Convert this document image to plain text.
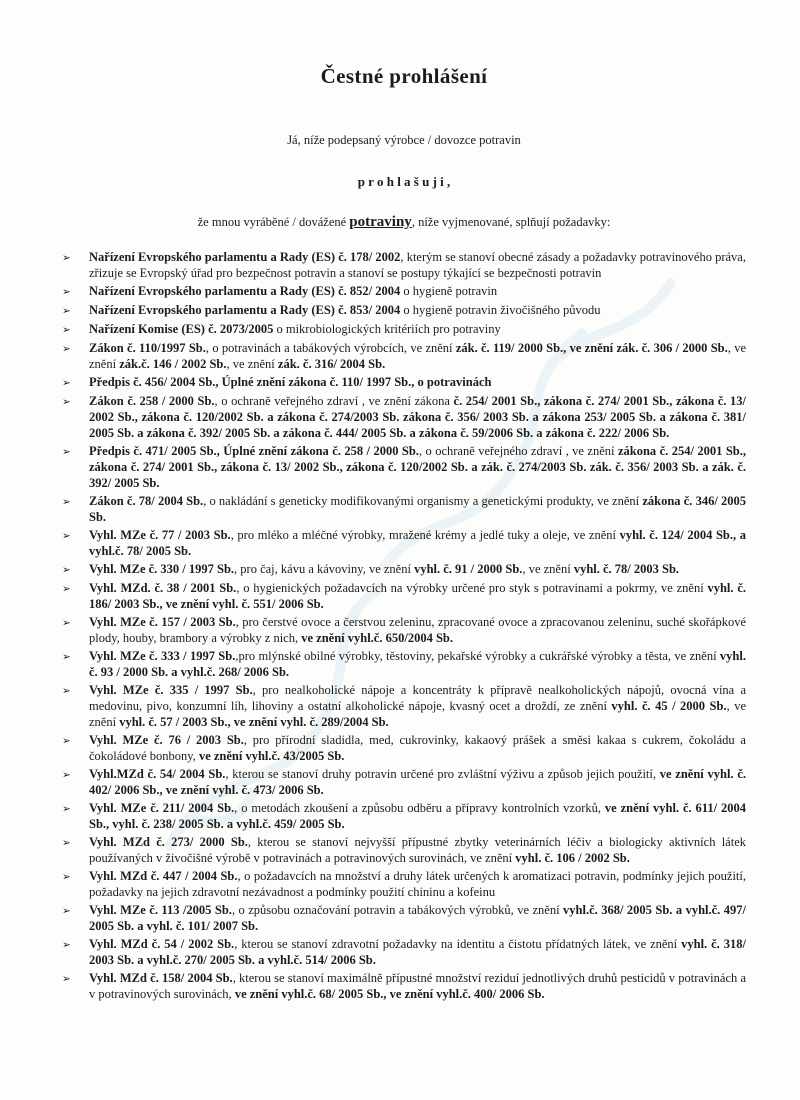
Čestné prohlášení
Já, níže podepsaný výrobce / dovozce potravin
p r o h l a š u j i ,
že mnou vyráběné / dovážené potraviny, níže vyjmenované, splňují požadavky:
➢	Nařízení Evropského parlamentu a Rady (ES) č. 178/ 2002, kterým se stanoví obecné zásady a požadavky potravinového práva, zřizuje se Evropský úřad pro bezpečnost potravin a stanoví se postupy týkající se bezpečnosti potravin
➢	Nařízení Evropského parlamentu a Rady (ES) č. 852/ 2004 o hygieně potravin
➢	Nařízení Evropského parlamentu a Rady (ES) č. 853/ 2004 o hygieně potravin živočišného původu
➢	Nařízení Komise (ES) č. 2073/2005 o mikrobiologických kritériích pro potraviny
➢	Zákon č. 110/1997 Sb., o potravinách a tabákových výrobcích, ve znění zák. č. 119/ 2000 Sb., ve znění zák. č. 306 / 2000 Sb., ve znění zák.č. 146 / 2002 Sb., ve znění zák. č. 316/ 2004 Sb.
➢	Předpis č. 456/ 2004 Sb., Úplné znění zákona č. 110/ 1997 Sb., o potravinách
➢	Zákon č. 258 / 2000 Sb., o ochraně veřejného zdraví , ve znění zákona č. 254/ 2001 Sb., zákona č. 274/ 2001 Sb., zákona č. 13/ 2002 Sb., zákona č. 120/2002 Sb. a zákona č. 274/2003 Sb. zákona č. 356/ 2003 Sb. a zákona 253/ 2005 Sb. a zákona č. 381/ 2005 Sb. a zákona č. 392/ 2005 Sb. a zákona č. 444/ 2005 Sb. a zákona č. 59/2006 Sb. a zákona č. 222/ 2006 Sb.
➢	Předpis č. 471/ 2005 Sb., Úplné znění zákona č. 258 / 2000 Sb., o ochraně veřejného zdraví , ve znění zákona č. 254/ 2001 Sb., zákona č. 274/ 2001 Sb., zákona č. 13/ 2002 Sb., zákona č. 120/2002 Sb. a zák. č. 274/2003 Sb. zák. č. 356/ 2003 Sb. a zák. č. 392/ 2005 Sb.
➢	Zákon č. 78/ 2004 Sb., o nakládání s geneticky modifikovanými organismy a genetickými produkty, ve znění zákona č. 346/ 2005 Sb.
➢	Vyhl. MZe č. 77 / 2003 Sb., pro mléko a mléčné výrobky, mražené krémy a jedlé tuky a oleje, ve znění vyhl. č. 124/ 2004 Sb., a vyhl.č. 78/ 2005 Sb.
➢	Vyhl. MZe č. 330 / 1997 Sb., pro čaj, kávu a kávoviny, ve znění vyhl. č. 91 / 2000 Sb., ve znění vyhl. č. 78/ 2003 Sb.
➢	Vyhl. MZd. č. 38 / 2001 Sb., o hygienických požadavcích na výrobky určené pro styk s potravinami a pokrmy, ve znění vyhl. č. 186/ 2003 Sb., ve znění vyhl. č. 551/ 2006 Sb.
➢	Vyhl. MZe č. 157 / 2003 Sb., pro čerstvé ovoce a čerstvou zeleninu, zpracované ovoce a zpracovanou zeleninu, suché skořápkové plody, houby, brambory a výrobky z nich, ve znění vyhl.č. 650/2004 Sb.
➢	Vyhl. MZe č. 333 / 1997 Sb.,pro mlýnské obilné výrobky, těstoviny, pekařské výrobky a cukrářské výrobky a těsta, ve znění vyhl. č. 93 / 2000 Sb. a vyhl.č. 268/ 2006 Sb.
➢	Vyhl. MZe č. 335 / 1997 Sb., pro nealkoholické nápoje a koncentráty k přípravě nealkoholických nápojů, ovocná vína a medovinu, pivo, konzumní líh, lihoviny a ostatní alkoholické nápoje, kvasný ocet a droždí, ze znění vyhl. č. 45 / 2000 Sb., ve znění vyhl. č. 57 / 2003 Sb., ve znění vyhl. č. 289/2004 Sb.
➢	Vyhl. MZe č. 76 / 2003 Sb., pro přírodní sladidla, med, cukrovinky, kakaový prášek a směsi kakaa s cukrem, čokoládu a čokoládové bonbony, ve znění vyhl.č. 43/2005 Sb.
➢	Vyhl.MZd č. 54/ 2004 Sb., kterou se stanoví druhy potravin určené pro zvláštní výživu a způsob jejich použití, ve znění vyhl. č. 402/ 2006 Sb., ve znění vyhl. č. 473/ 2006 Sb.
➢	Vyhl. MZe č. 211/ 2004 Sb., o metodách zkoušení a způsobu odběru a přípravy kontrolních vzorků, ve znění vyhl. č. 611/ 2004 Sb., vyhl. č. 238/ 2005 Sb. a vyhl.č. 459/ 2005 Sb.
➢	Vyhl. MZd č. 273/ 2000 Sb., kterou se stanoví nejvyšší přípustné zbytky veterinárních léčiv a biologicky aktivních látek používaných v živočišné výrobě v potravinách a potravinových surovinách, ve znění vyhl. č. 106 / 2002 Sb.
➢	Vyhl. MZd č. 447 / 2004 Sb., o požadavcích na množství a druhy látek určených k aromatizaci potravin, podmínky jejich použití, požadavky na jejich zdravotní nezávadnost a podmínky použití chininu a kofeinu
➢	Vyhl. MZe č. 113 /2005 Sb., o způsobu označování potravin a tabákových výrobků, ve znění vyhl.č. 368/ 2005 Sb. a vyhl.č. 497/ 2005 Sb. a vyhl. č. 101/ 2007 Sb.
➢	Vyhl. MZd č. 54 / 2002 Sb., kterou se stanoví zdravotní požadavky na identitu a čistotu přídatných látek, ve znění vyhl. č. 318/ 2003 Sb. a vyhl.č. 270/ 2005 Sb. a vyhl.č. 514/ 2006 Sb.
➢	Vyhl. MZd č. 158/ 2004 Sb., kterou se stanoví maximálně přípustné množství reziduí jednotlivých druhů pesticidů v potravinách a v potravinových surovinách, ve znění vyhl.č. 68/ 2005 Sb., ve znění vyhl.č. 400/ 2006 Sb.
